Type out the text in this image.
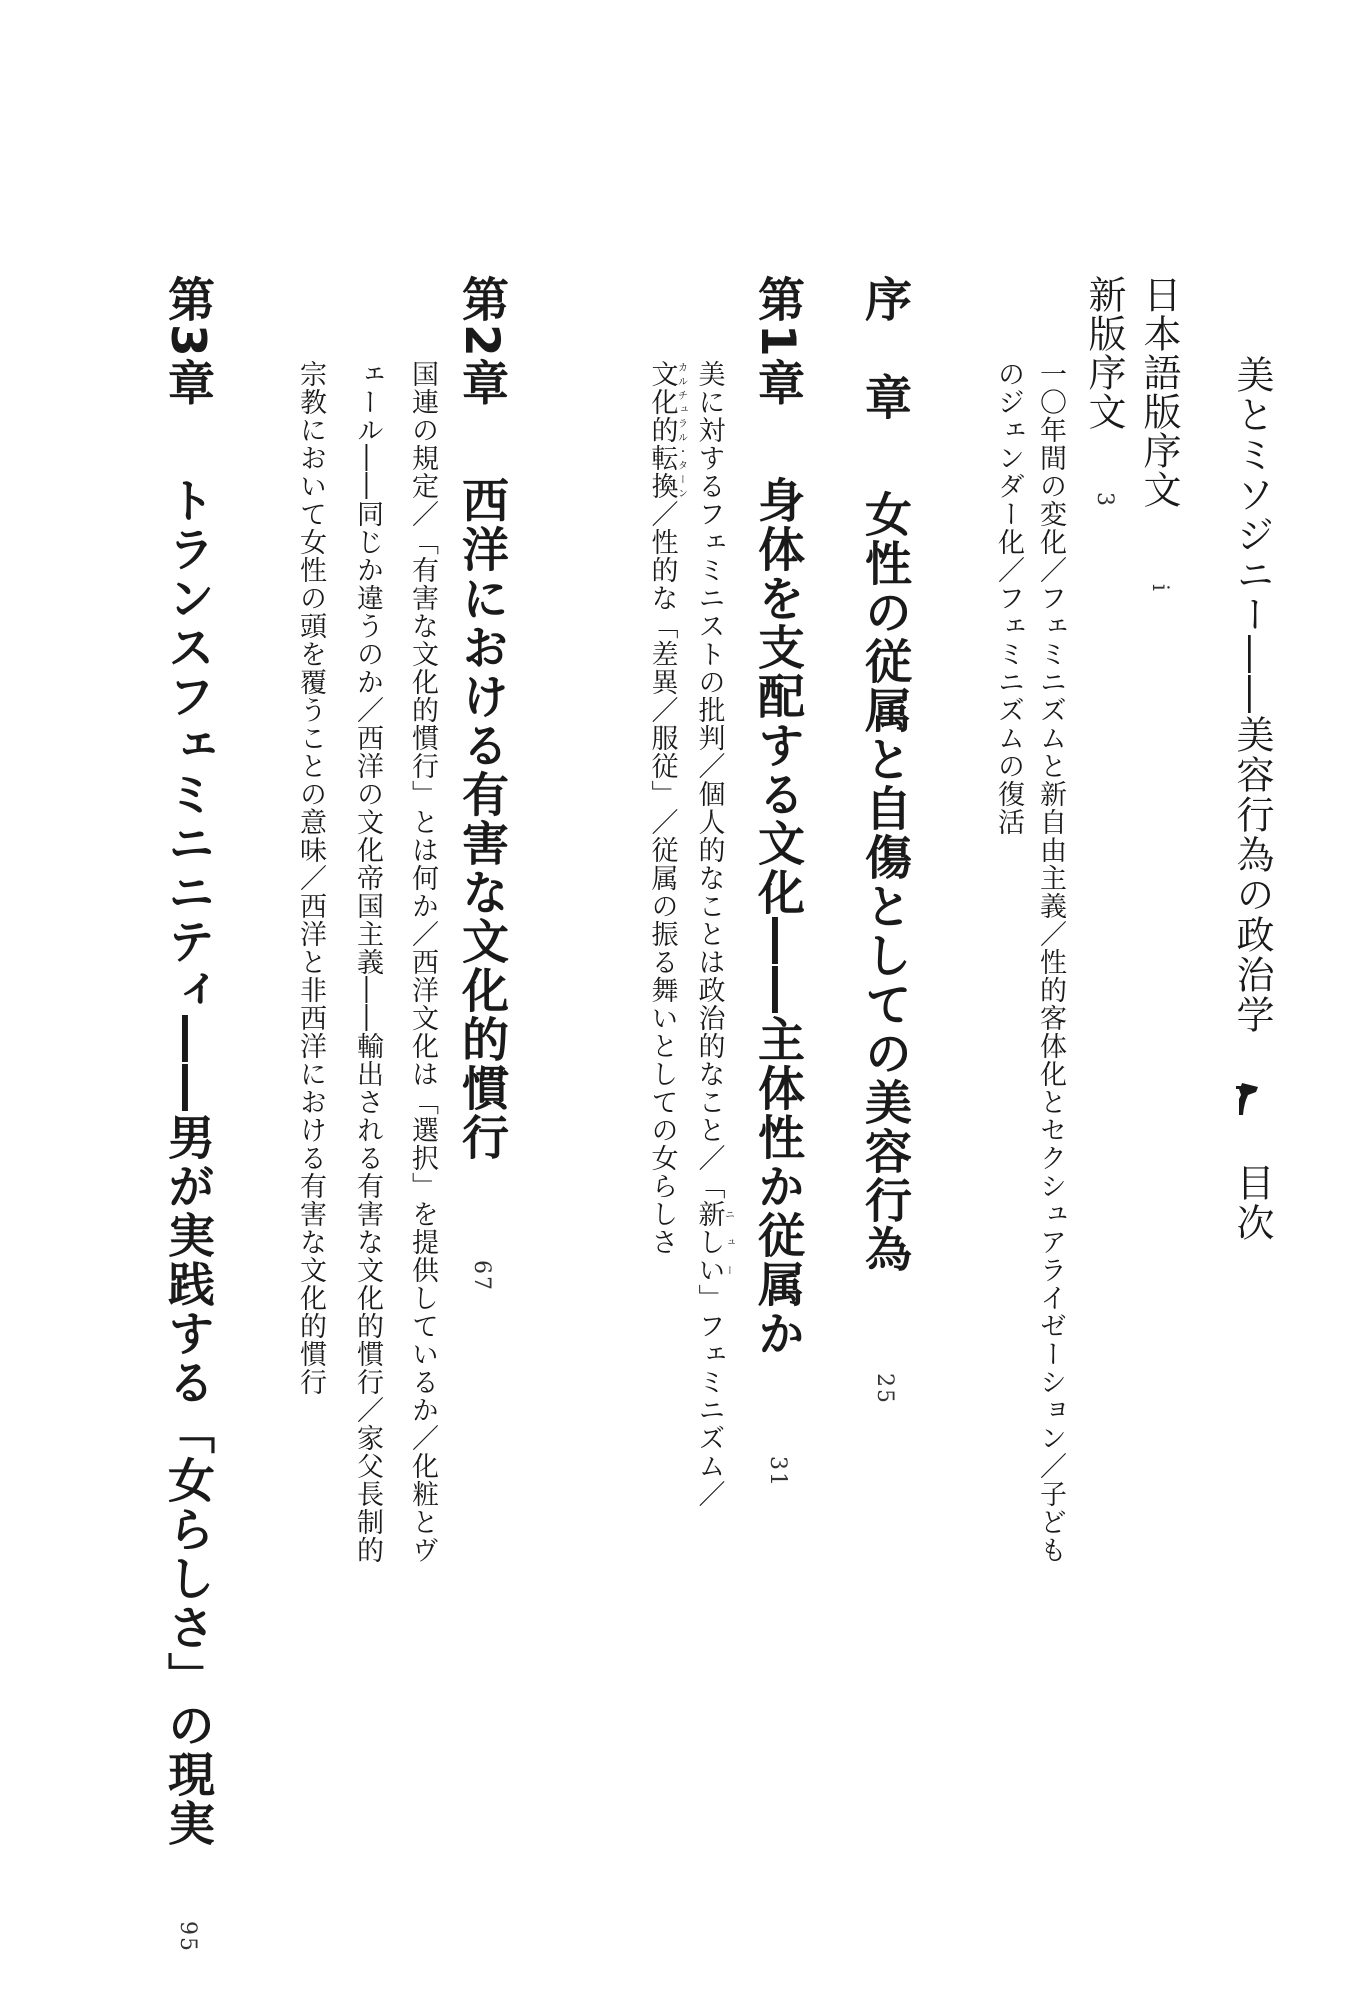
美とミソジニー――美容行為の政治学  目次
日本語版序文 i
新版序文 3
一〇年間の変化／フェミニズムと新自由主義／性的客体化とセクシュアライゼーション／子ども
のジェンダー化／フェミニズムの復活
序　章 女性の従属と自傷としての美容行為 25
第1章 身体を支配する文化――主体性か従属か 31
美に対するフェミニストの批判／個人的なことは政治的なこと／「新しいニュー」フェミニズム／
文化的転換カルチュラル・ターン／性的な「差異／服従」／従属の振る舞いとしての女らしさ
第2章 西洋における有害な文化的慣行 67
国連の規定／「有害な文化的慣行」とは何か／西洋文化は「選択」を提供しているか／化粧とヴ
ェール――同じか違うのか／西洋の文化帝国主義――輸出される有害な文化的慣行／家父長制的
宗教において女性の頭を覆うことの意味／西洋と非西洋における有害な文化的慣行
第3章 トランスフェミニニティ――男が実践する「女らしさ」の現実 95
